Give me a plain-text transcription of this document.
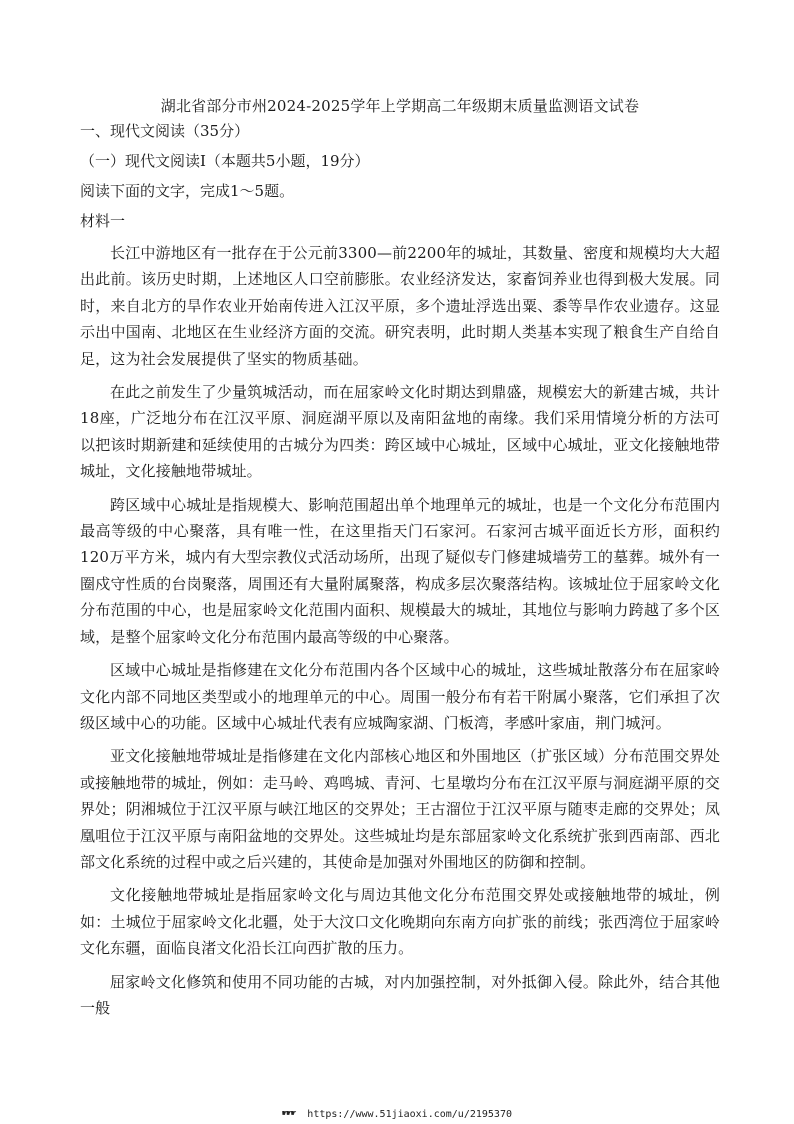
湖北省部分市州2024-2025学年上学期高二年级期末质量监测语文试卷
一、现代文阅读（35分）
（一）现代文阅读Ⅰ（本题共5小题，19分）
阅读下面的文字，完成1～5题。
材料一

长江中游地区有一批存在于公元前3300—前2200年的城址，其数量、密度和规模均大大超出此前。该历史时期，上述地区人口空前膨胀。农业经济发达，家畜饲养业也得到极大发展。同时，来自北方的旱作农业开始南传进入江汉平原，多个遗址浮选出粟、黍等旱作农业遗存。这显示出中国南、北地区在生业经济方面的交流。研究表明，此时期人类基本实现了粮食生产自给自足，这为社会发展提供了坚实的物质基础。

在此之前发生了少量筑城活动，而在屈家岭文化时期达到鼎盛，规模宏大的新建古城，共计18座，广泛地分布在江汉平原、洞庭湖平原以及南阳盆地的南缘。我们采用情境分析的方法可以把该时期新建和延续使用的古城分为四类：跨区域中心城址，区域中心城址，亚文化接触地带城址，文化接触地带城址。

跨区域中心城址是指规模大、影响范围超出单个地理单元的城址，也是一个文化分布范围内最高等级的中心聚落，具有唯一性，在这里指天门石家河。石家河古城平面近长方形，面积约120万平方米，城内有大型宗教仪式活动场所，出现了疑似专门修建城墙劳工的墓葬。城外有一圈戍守性质的台岗聚落，周围还有大量附属聚落，构成多层次聚落结构。该城址位于屈家岭文化分布范围的中心，也是屈家岭文化范围内面积、规模最大的城址，其地位与影响力跨越了多个区域，是整个屈家岭文化分布范围内最高等级的中心聚落。

区域中心城址是指修建在文化分布范围内各个区域中心的城址，这些城址散落分布在屈家岭文化内部不同地区类型或小的地理单元的中心。周围一般分布有若干附属小聚落，它们承担了次级区域中心的功能。区域中心城址代表有应城陶家湖、门板湾，孝感叶家庙，荆门城河。

亚文化接触地带城址是指修建在文化内部核心地区和外围地区（扩张区域）分布范围交界处或接触地带的城址，例如：走马岭、鸡鸣城、青河、七星墩均分布在江汉平原与洞庭湖平原的交界处；阴湘城位于江汉平原与峡江地区的交界处；王古溜位于江汉平原与随枣走廊的交界处；凤凰咀位于江汉平原与南阳盆地的交界处。这些城址均是东部屈家岭文化系统扩张到西南部、西北部文化系统的过程中或之后兴建的，其使命是加强对外围地区的防御和控制。

文化接触地带城址是指屈家岭文化与周边其他文化分布范围交界处或接触地带的城址，例如：土城位于屈家岭文化北疆，处于大汶口文化晚期向东南方向扩张的前线；张西湾位于屈家岭文化东疆，面临良渚文化沿长江向西扩散的压力。

屈家岭文化修筑和使用不同功能的古城，对内加强控制，对外抵御入侵。除此外，结合其他一般

☛☛☛ https://www.51jiaoxi.com/u/2195370
